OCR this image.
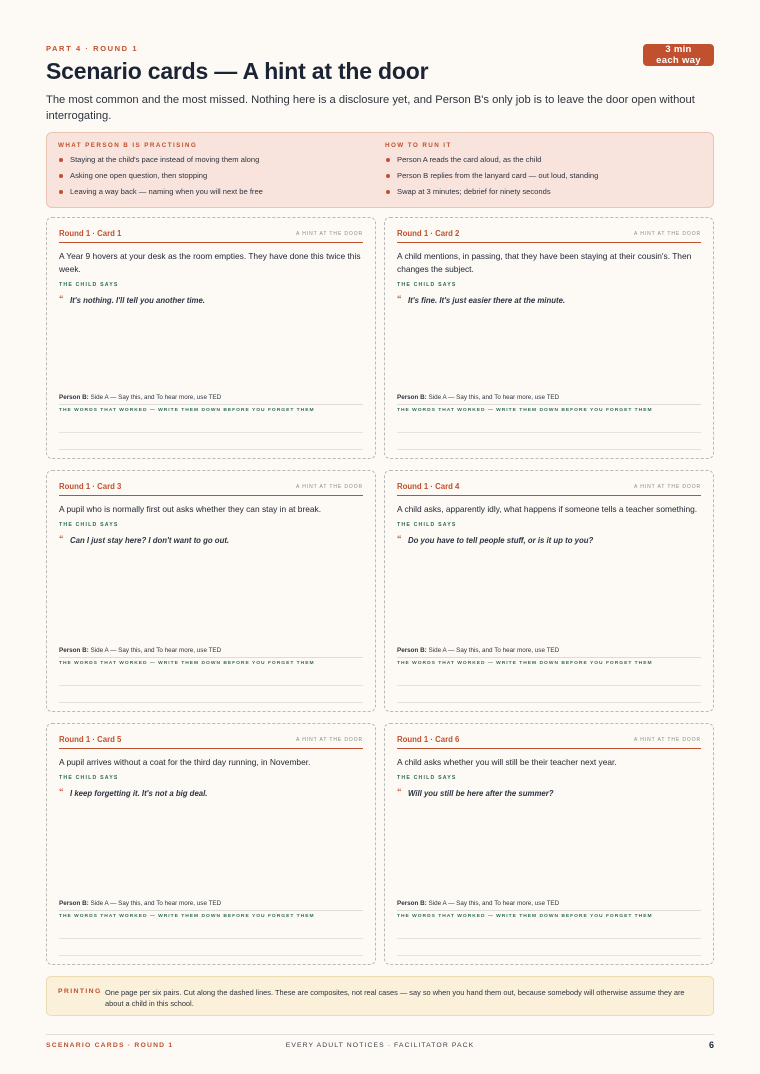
PART 4 · ROUND 1
Scenario cards — A hint at the door
3 min
each way
The most common and the most missed. Nothing here is a disclosure yet, and Person B's only job is to leave the door open without interrogating.
WHAT PERSON B IS PRACTISING
Staying at the child's pace instead of moving them along
Asking one open question, then stopping
Leaving a way back — naming when you will next be free
HOW TO RUN IT
Person A reads the card aloud, as the child
Person B replies from the lanyard card — out loud, standing
Swap at 3 minutes; debrief for ninety seconds
Round 1 · Card 1	A HINT AT THE DOOR
A Year 9 hovers at your desk as the room empties. They have done this twice this week.
THE CHILD SAYS
“ It's nothing. I'll tell you another time.
Person B: Side A — Say this, and To hear more, use TED
THE WORDS THAT WORKED — WRITE THEM DOWN BEFORE YOU FORGET THEM
Round 1 · Card 2	A HINT AT THE DOOR
A child mentions, in passing, that they have been staying at their cousin's. Then changes the subject.
THE CHILD SAYS
“ It's fine. It's just easier there at the minute.
Person B: Side A — Say this, and To hear more, use TED
THE WORDS THAT WORKED — WRITE THEM DOWN BEFORE YOU FORGET THEM
Round 1 · Card 3	A HINT AT THE DOOR
A pupil who is normally first out asks whether they can stay in at break.
THE CHILD SAYS
“ Can I just stay here? I don't want to go out.
Person B: Side A — Say this, and To hear more, use TED
THE WORDS THAT WORKED — WRITE THEM DOWN BEFORE YOU FORGET THEM
Round 1 · Card 4	A HINT AT THE DOOR
A child asks, apparently idly, what happens if someone tells a teacher something.
THE CHILD SAYS
“ Do you have to tell people stuff, or is it up to you?
Person B: Side A — Say this, and To hear more, use TED
THE WORDS THAT WORKED — WRITE THEM DOWN BEFORE YOU FORGET THEM
Round 1 · Card 5	A HINT AT THE DOOR
A pupil arrives without a coat for the third day running, in November.
THE CHILD SAYS
“ I keep forgetting it. It's not a big deal.
Person B: Side A — Say this, and To hear more, use TED
THE WORDS THAT WORKED — WRITE THEM DOWN BEFORE YOU FORGET THEM
Round 1 · Card 6	A HINT AT THE DOOR
A child asks whether you will still be their teacher next year.
THE CHILD SAYS
“ Will you still be here after the summer?
Person B: Side A — Say this, and To hear more, use TED
THE WORDS THAT WORKED — WRITE THEM DOWN BEFORE YOU FORGET THEM
PRINTING One page per six pairs. Cut along the dashed lines. These are composites, not real cases — say so when you hand them out, because somebody will otherwise assume they are about a child in this school.
SCENARIO CARDS · ROUND 1	EVERY ADULT NOTICES · FACILITATOR PACK	6
